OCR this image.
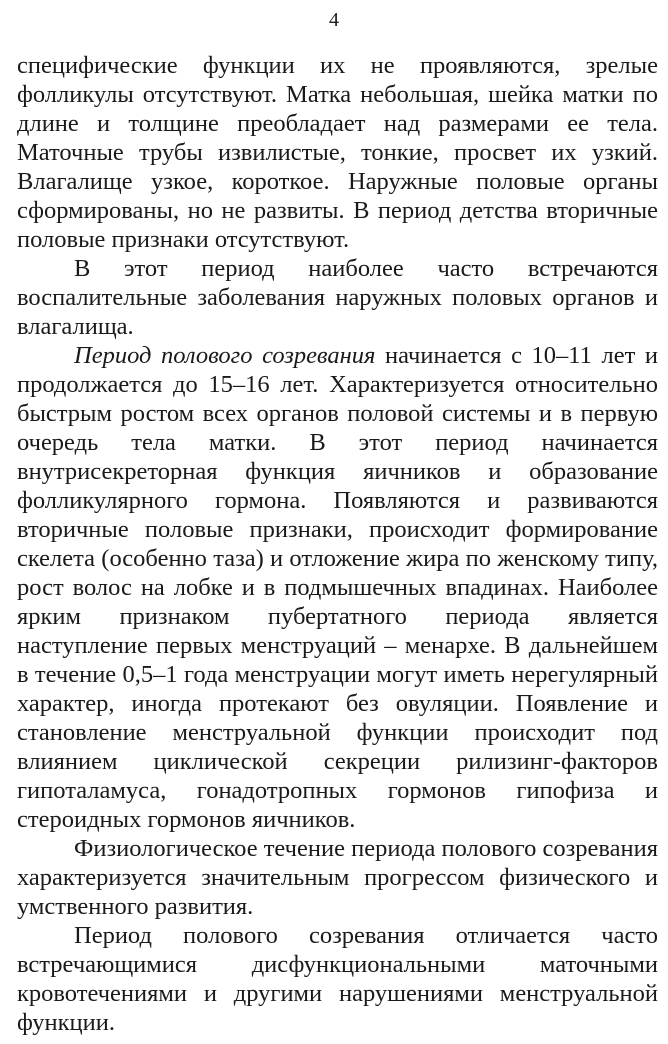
4

специфические функции их не проявляются, зрелые фолликулы отсутствуют. Матка небольшая, шейка матки по длине и толщине преобладает над размерами ее тела. Маточные трубы извилистые, тонкие, просвет их узкий. Влагалище узкое, короткое. Наружные половые органы сформированы, но не развиты. В период детства вторичные половые признаки отсутствуют.

В этот период наиболее часто встречаются воспалительные заболевания наружных половых органов и влагалища.

Период полового созревания начинается с 10–11 лет и продолжается до 15–16 лет. Характеризуется относительно быстрым ростом всех органов половой системы и в первую очередь тела матки. В этот период начинается внутрисекреторная функция яичников и образование фолликулярного гормона. Появляются и развиваются вторичные половые признаки, происходит формирование скелета (особенно таза) и отложение жира по женскому типу, рост волос на лобке и в подмышечных впадинах. Наиболее ярким признаком пубертатного периода является наступление первых менструаций – менархе. В дальнейшем в течение 0,5–1 года менструации могут иметь нерегулярный характер, иногда протекают без овуляции. Появление и становление менструальной функции происходит под влиянием циклической секреции рилизинг-факторов гипоталамуса, гонадотропных гормонов гипофиза и стероидных гормонов яичников.

Физиологическое течение периода полового созревания характеризуется значительным прогрессом физического и умственного развития.

Период полового созревания отличается часто встречающимися дисфункциональными маточными кровотечениями и другими нарушениями менструальной функции.
